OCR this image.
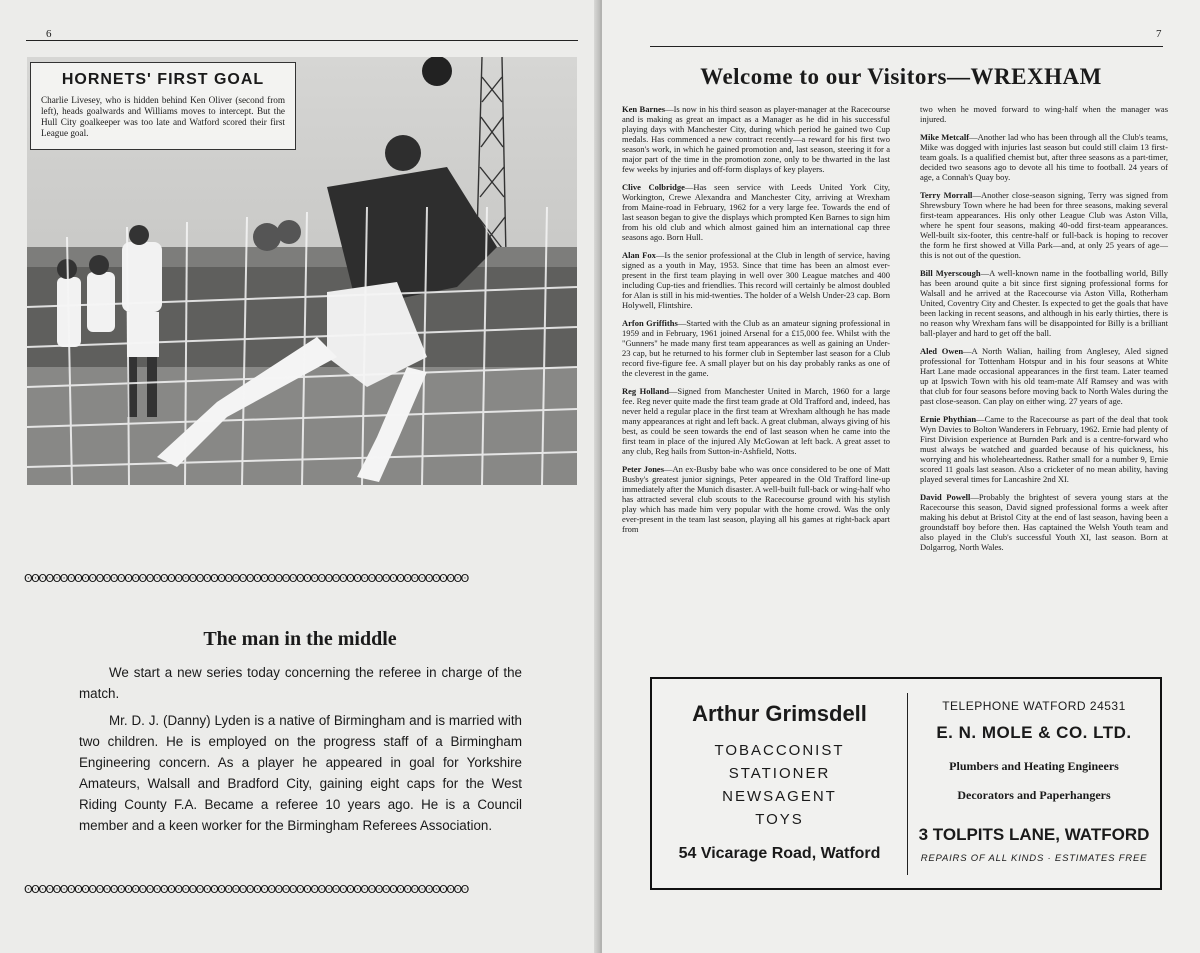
6
HORNETS' FIRST GOAL
Charlie Livesey, who is hidden behind Ken Oliver (second from left), heads goalwards and Williams moves to intercept. But the Hull City goalkeeper was too late and Watford scored their first League goal.
ʘʘʘʘʘʘʘʘʘʘʘʘʘʘʘʘʘʘʘʘʘʘʘʘʘʘʘʘʘʘʘʘʘʘʘʘʘʘʘʘʘʘʘʘʘʘʘʘʘʘʘʘʘʘʘʘʘʘʘʘʘʘ
The man in the middle

We start a new series today concerning the referee in charge of the match.

Mr. D. J. (Danny) Lyden is a native of Birmingham and is married with two children. He is employed on the progress staff of a Birmingham Engineering concern. As a player he appeared in goal for Yorkshire Amateurs, Walsall and Bradford City, gaining eight caps for the West Riding County F.A. Became a referee 10 years ago. He is a Council member and a keen worker for the Birmingham Referees Association.

ʘʘʘʘʘʘʘʘʘʘʘʘʘʘʘʘʘʘʘʘʘʘʘʘʘʘʘʘʘʘʘʘʘʘʘʘʘʘʘʘʘʘʘʘʘʘʘʘʘʘʘʘʘʘʘʘʘʘʘʘʘʘ
7
Welcome to our Visitors—WREXHAM

Ken Barnes—Is now in his third season as player-manager at the Racecourse and is making as great an impact as a Manager as he did in his successful playing days with Manchester City, during which period he gained two Cup medals. Has commenced a new contract recently—a reward for his first two season's work, in which he gained promotion and, last season, steering it for a major part of the time in the promotion zone, only to be thwarted in the last few weeks by injuries and off-form displays of key players.

Clive Colbridge—Has seen service with Leeds United York City, Workington, Crewe Alexandra and Manchester City, arriving at Wrexham from Maine-road in February, 1962 for a very large fee. Towards the end of last season began to give the displays which prompted Ken Barnes to sign him from his old club and which almost gained him an international cap three seasons ago. Born Hull.

Alan Fox—Is the senior professional at the Club in length of service, having signed as a youth in May, 1953. Since that time has been an almost ever-present in the first team playing in well over 300 League matches and 400 including Cup-ties and friendlies. This record will certainly be almost doubled for Alan is still in his mid-twenties. The holder of a Welsh Under-23 cap. Born Holywell, Flintshire.

Arfon Griffiths—Started with the Club as an amateur signing professional in 1959 and in February, 1961 joined Arsenal for a £15,000 fee. Whilst with the "Gunners" he made many first team appearances as well as gaining an Under-23 cap, but he returned to his former club in September last season for a Club record five-figure fee. A small player but on his day probably ranks as one of the cleverest in the game.

Reg Holland—Signed from Manchester United in March, 1960 for a large fee. Reg never quite made the first team grade at Old Trafford and, indeed, has never held a regular place in the first team at Wrexham although he has made many appearances at right and left back. A great clubman, always giving of his best, as could be seen towards the end of last season when he came into the first team in place of the injured Aly McGowan at left back. A great asset to any club, Reg hails from Sutton-in-Ashfield, Notts.

Peter Jones—An ex-Busby babe who was once considered to be one of Matt Busby's greatest junior signings, Peter appeared in the Old Trafford line-up immediately after the Munich disaster. A well-built full-back or wing-half who has attracted several club scouts to the Racecourse ground with his stylish play which has made him very popular with the home crowd. Was the only ever-present in the team last season, playing all his games at right-back apart from

two when he moved forward to wing-half when the manager was injured.

Mike Metcalf—Another lad who has been through all the Club's teams, Mike was dogged with injuries last season but could still claim 13 first-team goals. Is a qualified chemist but, after three seasons as a part-timer, decided two seasons ago to devote all his time to football. 24 years of age, a Connah's Quay boy.

Terry Morrall—Another close-season signing, Terry was signed from Shrewsbury Town where he had been for three seasons, making several first-team appearances. His only other League Club was Aston Villa, where he spent four seasons, making 40-odd first-team appearances. Well-built six-footer, this centre-half or full-back is hoping to recover the form he first showed at Villa Park—and, at only 25 years of age—this is not out of the question.

Bill Myerscough—A well-known name in the footballing world, Billy has been around quite a bit since first signing professional forms for Walsall and he arrived at the Racecourse via Aston Villa, Rotherham United, Coventry City and Chester. Is expected to get the goals that have been lacking in recent seasons, and although in his early thirties, there is no reason why Wrexham fans will be disappointed for Billy is a brilliant ball-player and hard to get off the ball.

Aled Owen—A North Walian, hailing from Anglesey, Aled signed professional for Tottenham Hotspur and in his four seasons at White Hart Lane made occasional appearances in the first team. Later teamed up at Ipswich Town with his old team-mate Alf Ramsey and was with that club for four seasons before moving back to North Wales during the past close-season. Can play on either wing. 27 years of age.

Ernie Phythian—Came to the Racecourse as part of the deal that took Wyn Davies to Bolton Wanderers in February, 1962. Ernie had plenty of First Division experience at Burnden Park and is a centre-forward who must always be watched and guarded because of his quickness, his worrying and his wholeheartedness. Rather small for a number 9, Ernie scored 11 goals last season. Also a cricketer of no mean ability, having played several times for Lancashire 2nd XI.

David Powell—Probably the brightest of severa young stars at the Racecourse this season, David signed professional forms a week after making his debut at Bristol City at the end of last season, having been a groundstaff boy before then. Has captained the Welsh Youth team and also played in the Club's successful Youth XI, last season. Born at Dolgarrog, North Wales.

Arthur Grimsdell
TOBACCONIST
STATIONER
NEWSAGENT
TOYS
54 Vicarage Road, Watford
TELEPHONE WATFORD 24531
E. N. MOLE & CO. LTD.
Plumbers and Heating Engineers
Decorators and Paperhangers
3 TOLPITS LANE, WATFORD
REPAIRS OF ALL KINDS · ESTIMATES FREE
